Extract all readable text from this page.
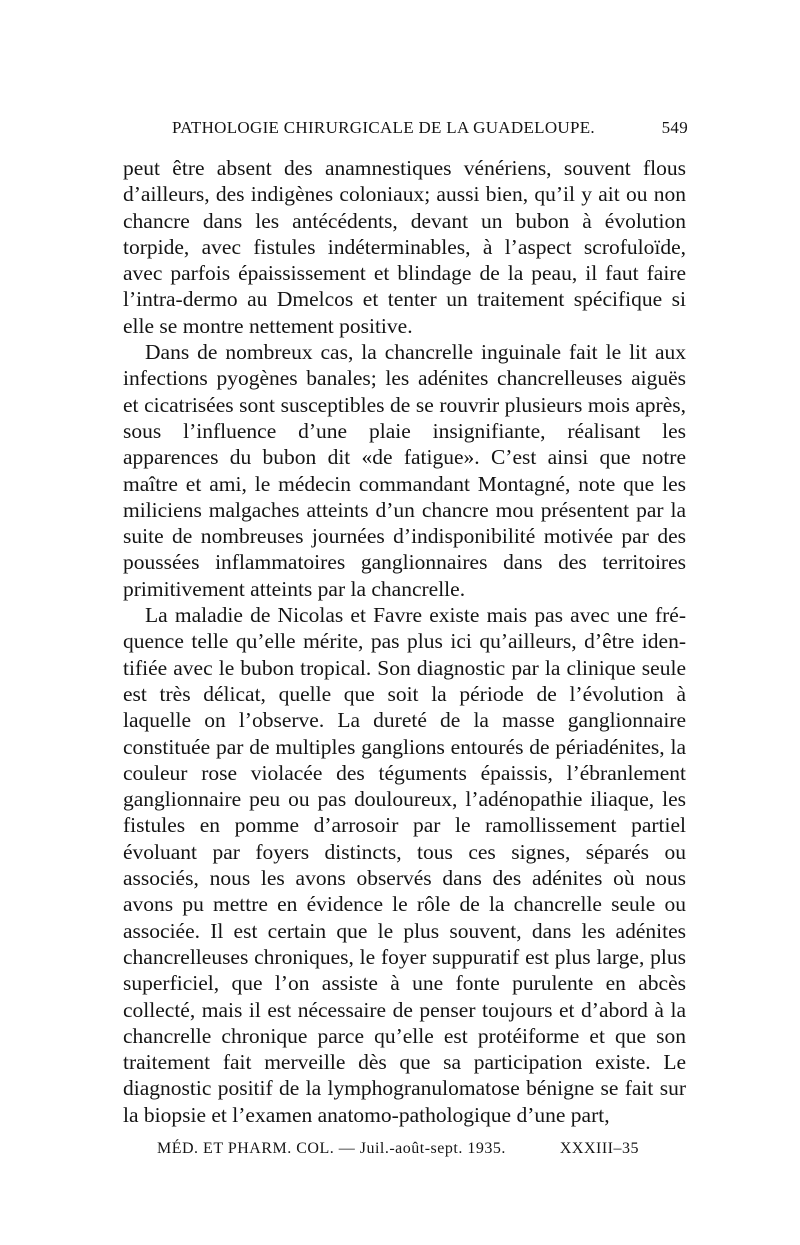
PATHOLOGIE CHIRURGICALE DE LA GUADELOUPE.	549

peut être absent des anamnestiques vénériens, souvent flous d’ailleurs, des indigènes coloniaux; aussi bien, qu’il y ait ou non chancre dans les antécédents, devant un bubon à évolution torpide, avec fistules indéterminables, à l’aspect scrofuloïde, avec parfois épaississement et blindage de la peau, il faut faire l’intra-dermo au Dmelcos et tenter un traitement spécifique si elle se montre nettement positive.

Dans de nombreux cas, la chancrelle inguinale fait le lit aux infections pyogènes banales; les adénites chancrelleuses aiguës et cicatrisées sont susceptibles de se rouvrir plusieurs mois après, sous l’influence d’une plaie insignifiante, réalisant les apparences du bubon dit «de fatigue». C’est ainsi que notre maître et ami, le médecin commandant Montagné, note que les miliciens malgaches atteints d’un chancre mou présentent par la suite de nombreuses journées d’indisponibilité motivée par des poussées inflammatoires ganglionnaires dans des territoires primitivement atteints par la chancrelle.

La maladie de Nicolas et Favre existe mais pas avec une fréquence telle qu’elle mérite, pas plus ici qu’ailleurs, d’être identifiée avec le bubon tropical. Son diagnostic par la clinique seule est très délicat, quelle que soit la période de l’évolution à laquelle on l’observe. La dureté de la masse ganglionnaire constituée par de multiples ganglions entourés de périadénites, la couleur rose violacée des téguments épaissis, l’ébranlement ganglionnaire peu ou pas douloureux, l’adénopathie iliaque, les fistules en pomme d’arrosoir par le ramollissement partiel évoluant par foyers distincts, tous ces signes, séparés ou associés, nous les avons observés dans des adénites où nous avons pu mettre en évidence le rôle de la chancrelle seule ou associée. Il est certain que le plus souvent, dans les adénites chancrelleuses chroniques, le foyer suppuratif est plus large, plus superficiel, que l’on assiste à une fonte purulente en abcès collecté, mais il est nécessaire de penser toujours et d’abord à la chancrelle chronique parce qu’elle est protéiforme et que son traitement fait merveille dès que sa participation existe. Le diagnostic positif de la lymphogranulomatose bénigne se fait sur la biopsie et l’examen anatomo-pathologique d’une part,

MÉD. ET PHARM. COL. — Juil.-août-sept. 1935.	XXXIII–35
